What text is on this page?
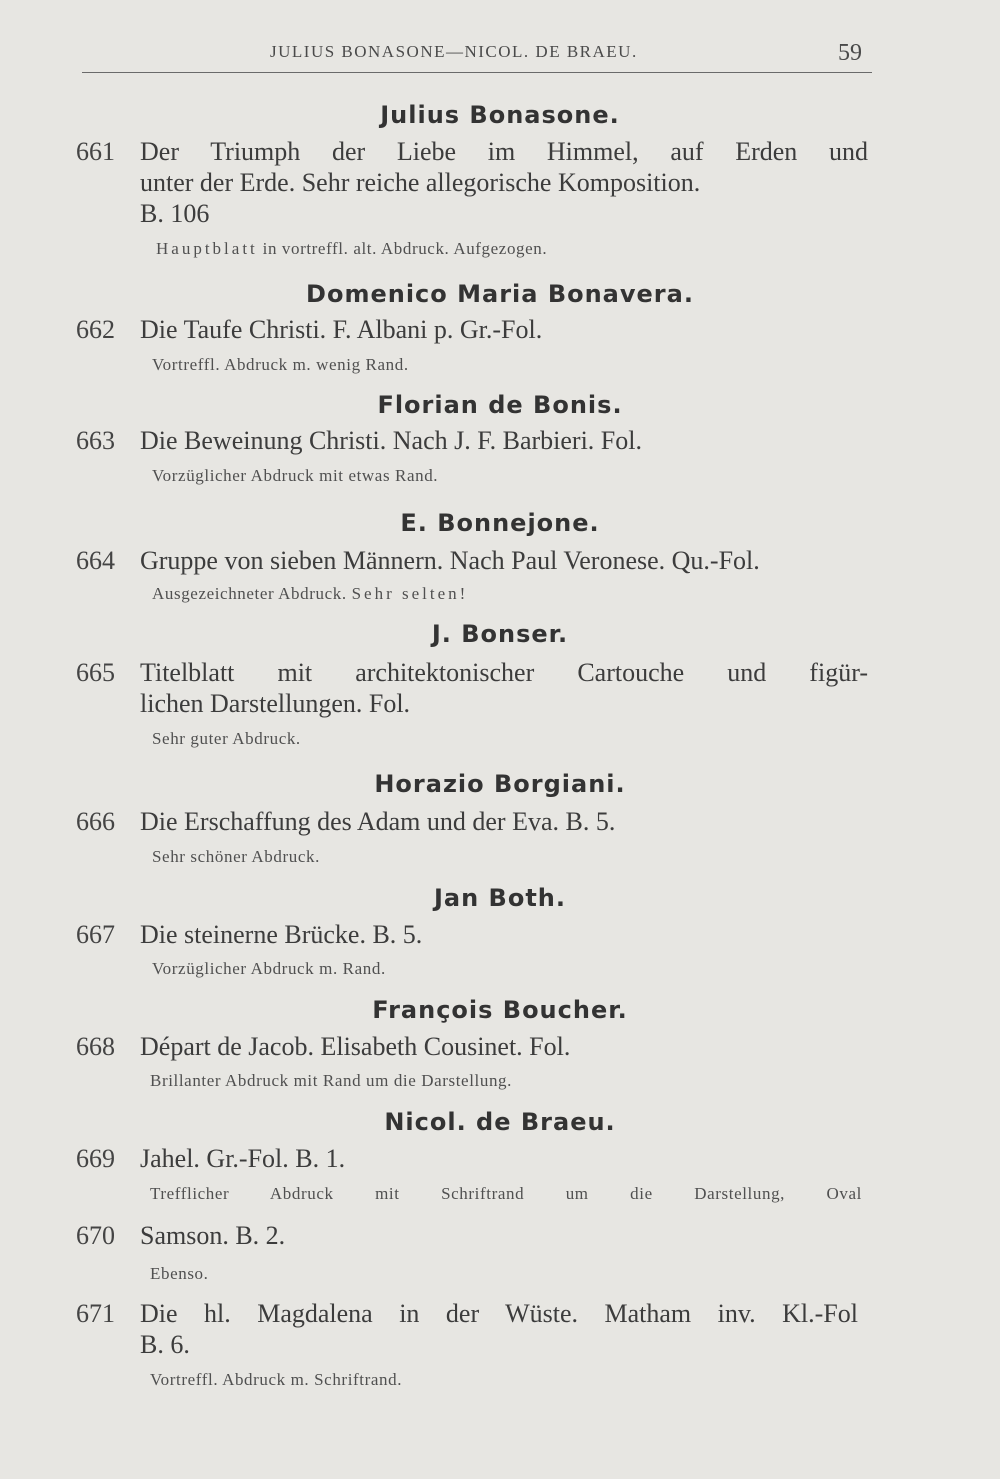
JULIUS BONASONE—NICOL. DE BRAEU.	59
Julius Bonasone.
661 Der Triumph der Liebe im Himmel, auf Erden und
unter der Erde. Sehr reiche allegorische Komposition.
B. 106
Hauptblatt in vortreffl. alt. Abdruck. Aufgezogen.
Domenico Maria Bonavera.
662 Die Taufe Christi. F. Albani p. Gr.-Fol.
Vortreffl. Abdruck m. wenig Rand.
Florian de Bonis.
663 Die Beweinung Christi. Nach J. F. Barbieri. Fol.
Vorzüglicher Abdruck mit etwas Rand.
E. Bonnejone.
664 Gruppe von sieben Männern. Nach Paul Veronese. Qu.-Fol.
Ausgezeichneter Abdruck. Sehr selten!
J. Bonser.
665 Titelblatt mit architektonischer Cartouche und figür-
lichen Darstellungen. Fol.
Sehr guter Abdruck.
Horazio Borgiani.
666 Die Erschaffung des Adam und der Eva. B. 5.
Sehr schöner Abdruck.
Jan Both.
667 Die steinerne Brücke. B. 5.
Vorzüglicher Abdruck m. Rand.
François Boucher.
668 Départ de Jacob. Elisabeth Cousinet. Fol.
Brillanter Abdruck mit Rand um die Darstellung.
Nicol. de Braeu.
669 Jahel. Gr.-Fol. B. 1.
Trefflicher Abdruck mit Schriftrand um die Darstellung, Oval
670 Samson. B. 2.
Ebenso.
671 Die hl. Magdalena in der Wüste. Matham inv. Kl.-Fol
B. 6.
Vortreffl. Abdruck m. Schriftrand.
